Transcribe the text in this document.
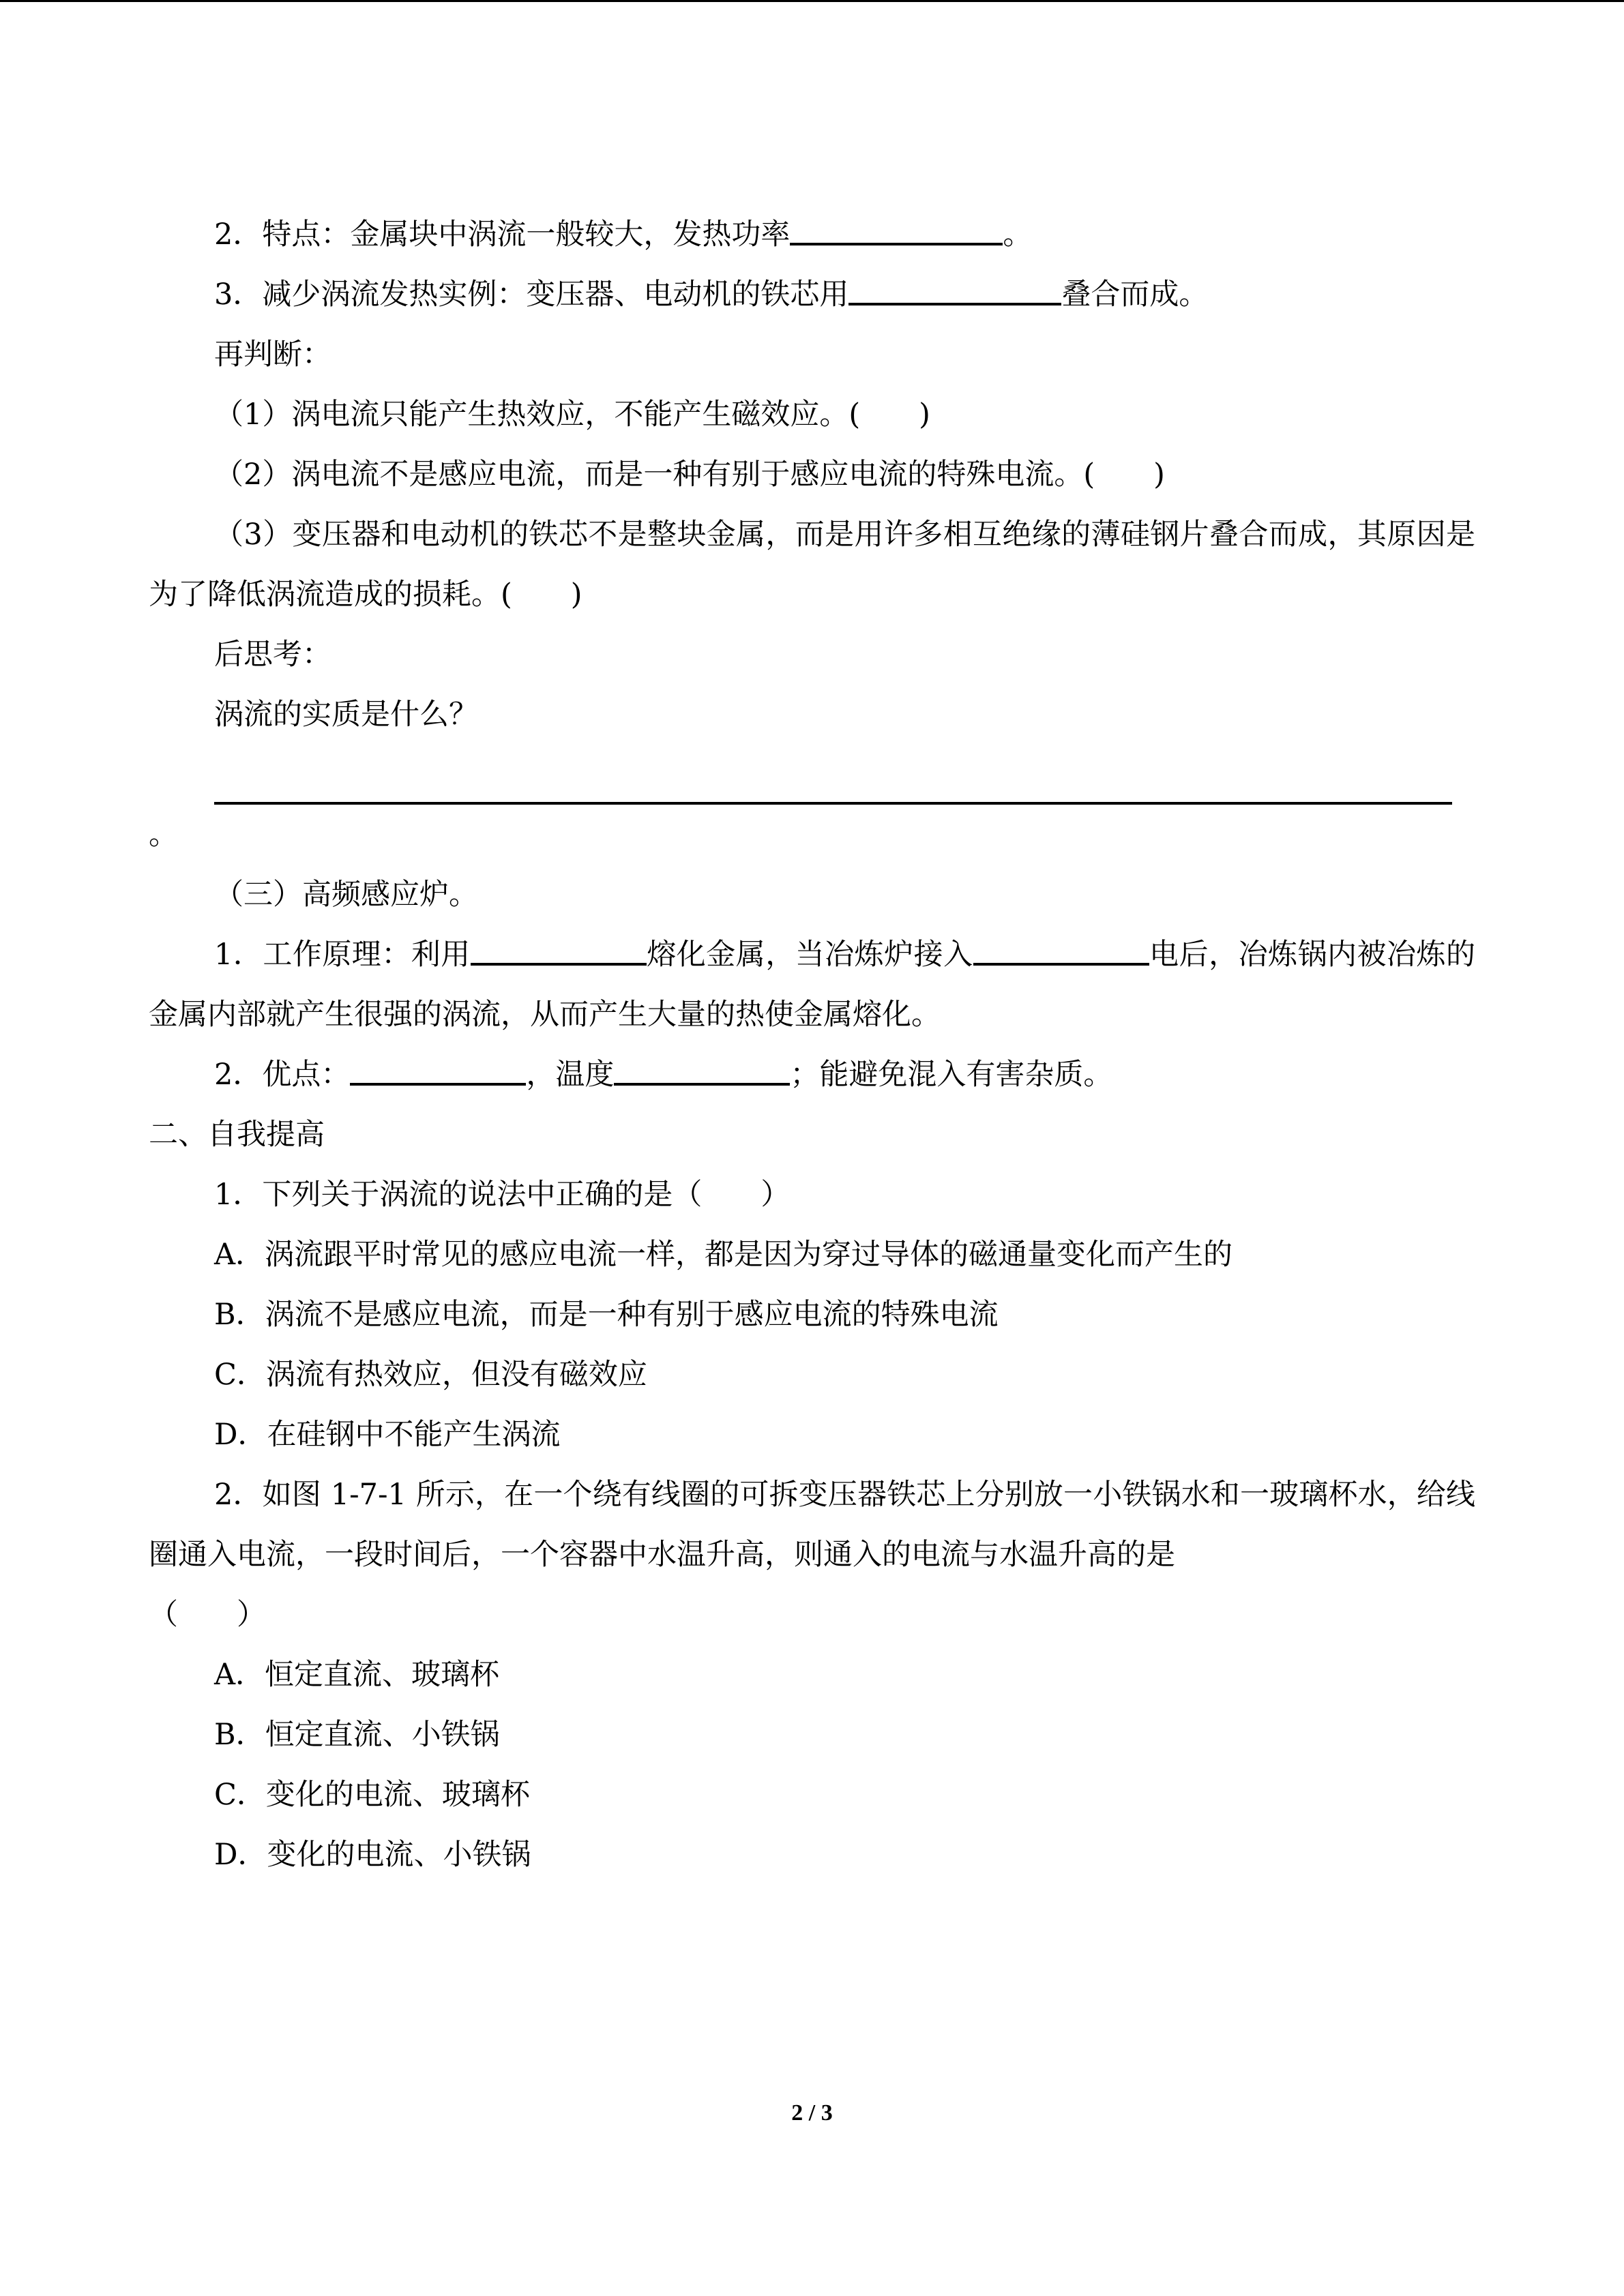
2．特点：金属块中涡流一般较大，发热功率	。

3．减少涡流发热实例：变压器、电动机的铁芯用	叠合而成。

再判断：

（1）涡电流只能产生热效应，不能产生磁效应。(　　)

（2）涡电流不是感应电流，而是一种有别于感应电流的特殊电流。(　　)

（3）变压器和电动机的铁芯不是整块金属，而是用许多相互绝缘的薄硅钢片叠合而成，其原因是为了降低涡流造成的损耗。(　　)

后思考：

涡流的实质是什么？

。

（三）高频感应炉。

1．工作原理：利用	熔化金属，当冶炼炉接入	电后，冶炼锅内被冶炼的金属内部就产生很强的涡流，从而产生大量的热使金属熔化。

2．优点：	，温度	；能避免混入有害杂质。

二、自我提高

1．下列关于涡流的说法中正确的是（　　）

A．涡流跟平时常见的感应电流一样，都是因为穿过导体的磁通量变化而产生的

B．涡流不是感应电流，而是一种有别于感应电流的特殊电流

C．涡流有热效应，但没有磁效应

D．在硅钢中不能产生涡流

2．如图 1-7-1 所示，在一个绕有线圈的可拆变压器铁芯上分别放一小铁锅水和一玻璃杯水，给线圈通入电流，一段时间后，一个容器中水温升高，则通入的电流与水温升高的是

（　　）

A．恒定直流、玻璃杯

B．恒定直流、小铁锅

C．变化的电流、玻璃杯

D．变化的电流、小铁锅

2 / 3
